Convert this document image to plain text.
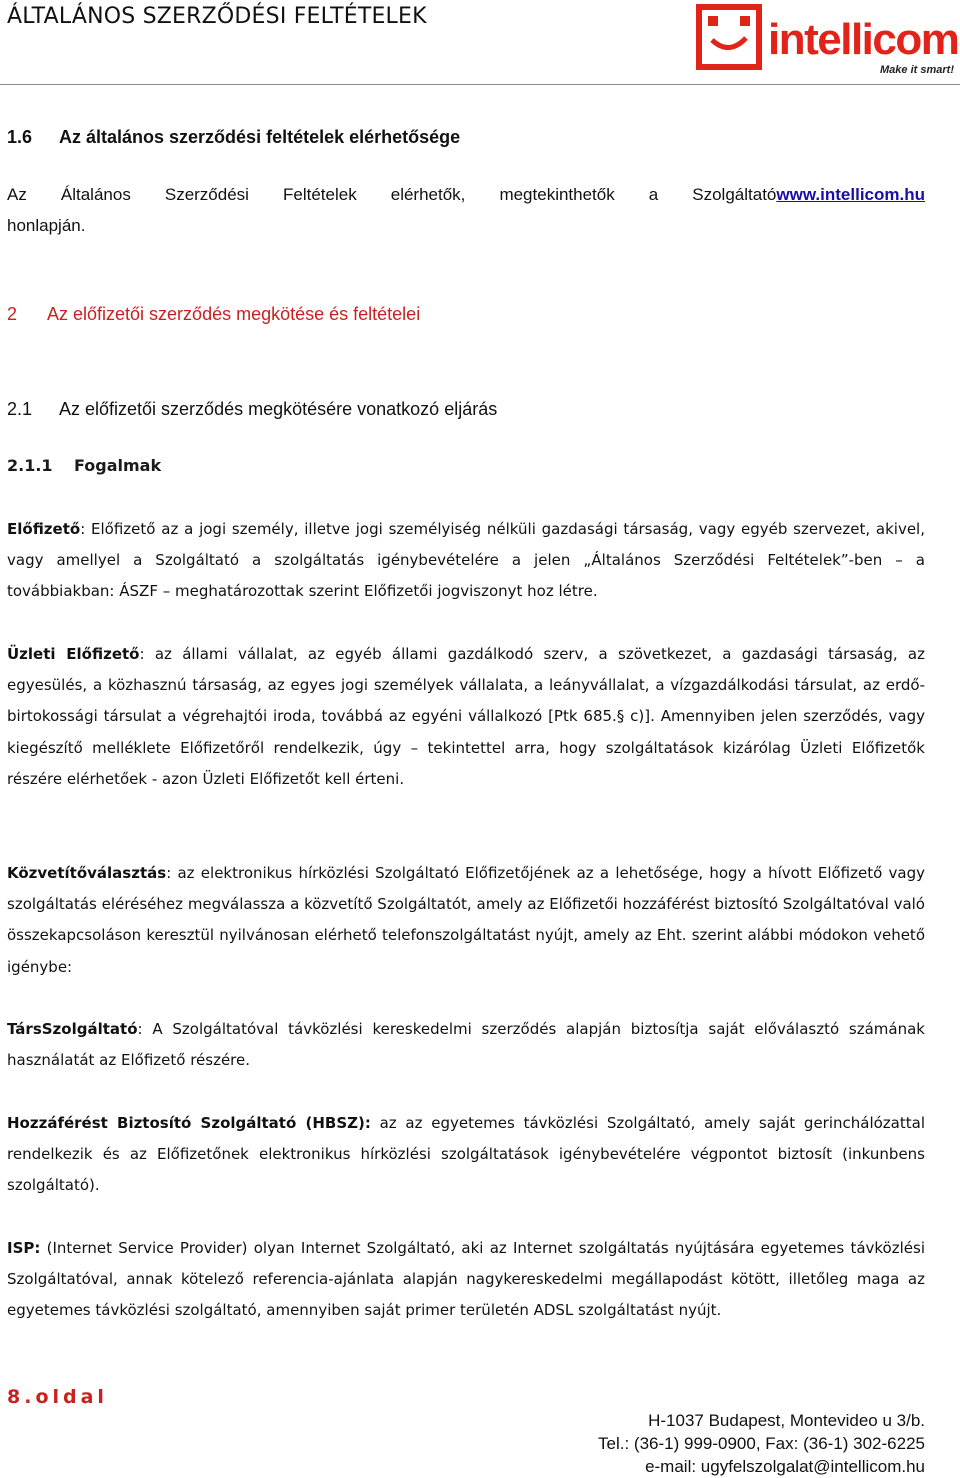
ÁLTALÁNOS SZERZŐDÉSI FELTÉTELEK	intellicom
Make it smart!
1.6 Az általános szerződési feltételek elérhetősége
Az Általános Szerződési Feltételek elérhetők, megtekinthetők a Szolgáltatówww.intellicom.hu
honlapján.
2 Az előfizetői szerződés megkötése és feltételei
2.1 Az előfizetői szerződés megkötésére vonatkozó eljárás
2.1.1 Fogalmak
Előfizető: Előfizető az a jogi személy, illetve jogi személyiség nélküli gazdasági társaság, vagy egyéb szervezet, akivel, vagy amellyel a Szolgáltató a szolgáltatás igénybevételére a jelen „Általános Szerződési Feltételek”-ben – a továbbiakban: ÁSZF – meghatározottak szerint Előfizetői jogviszonyt hoz létre.
Üzleti Előfizető: az állami vállalat, az egyéb állami gazdálkodó szerv, a szövetkezet, a gazdasági társaság, az egyesülés, a közhasznú társaság, az egyes jogi személyek vállalata, a leányvállalat, a vízgazdálkodási társulat, az erdő-birtokossági társulat a végrehajtói iroda, továbbá az egyéni vállalkozó [Ptk 685.§ c)]. Amennyiben jelen szerződés, vagy kiegészítő melléklete Előfizetőről rendelkezik, úgy – tekintettel arra, hogy szolgáltatások kizárólag Üzleti Előfizetők részére elérhetőek - azon Üzleti Előfizetőt kell érteni.
Közvetítőválasztás: az elektronikus hírközlési Szolgáltató Előfizetőjének az a lehetősége, hogy a hívott Előfizető vagy szolgáltatás eléréséhez megválassza a közvetítő Szolgáltatót, amely az Előfizetői hozzáférést biztosító Szolgáltatóval való összekapcsoláson keresztül nyilvánosan elérhető telefonszolgáltatást nyújt, amely az Eht. szerint alábbi módokon vehető igénybe:
TársSzolgáltató: A Szolgáltatóval távközlési kereskedelmi szerződés alapján biztosítja saját előválasztó számának használatát az Előfizető részére.
Hozzáférést Biztosító Szolgáltató (HBSZ): az az egyetemes távközlési Szolgáltató, amely saját gerinchálózattal rendelkezik és az Előfizetőnek elektronikus hírközlési szolgáltatások igénybevételére végpontot biztosít (inkunbens szolgáltató).
ISP: (Internet Service Provider) olyan Internet Szolgáltató, aki az Internet szolgáltatás nyújtására egyetemes távközlési Szolgáltatóval, annak kötelező referencia-ajánlata alapján nagykereskedelmi megállapodást kötött, illetőleg maga az egyetemes távközlési szolgáltató, amennyiben saját primer területén ADSL szolgáltatást nyújt.
8.oldal
H-1037 Budapest, Montevideo u 3/b.
Tel.: (36-1) 999-0900, Fax: (36-1) 302-6225
e-mail: ugyfelszolgalat@intellicom.hu
